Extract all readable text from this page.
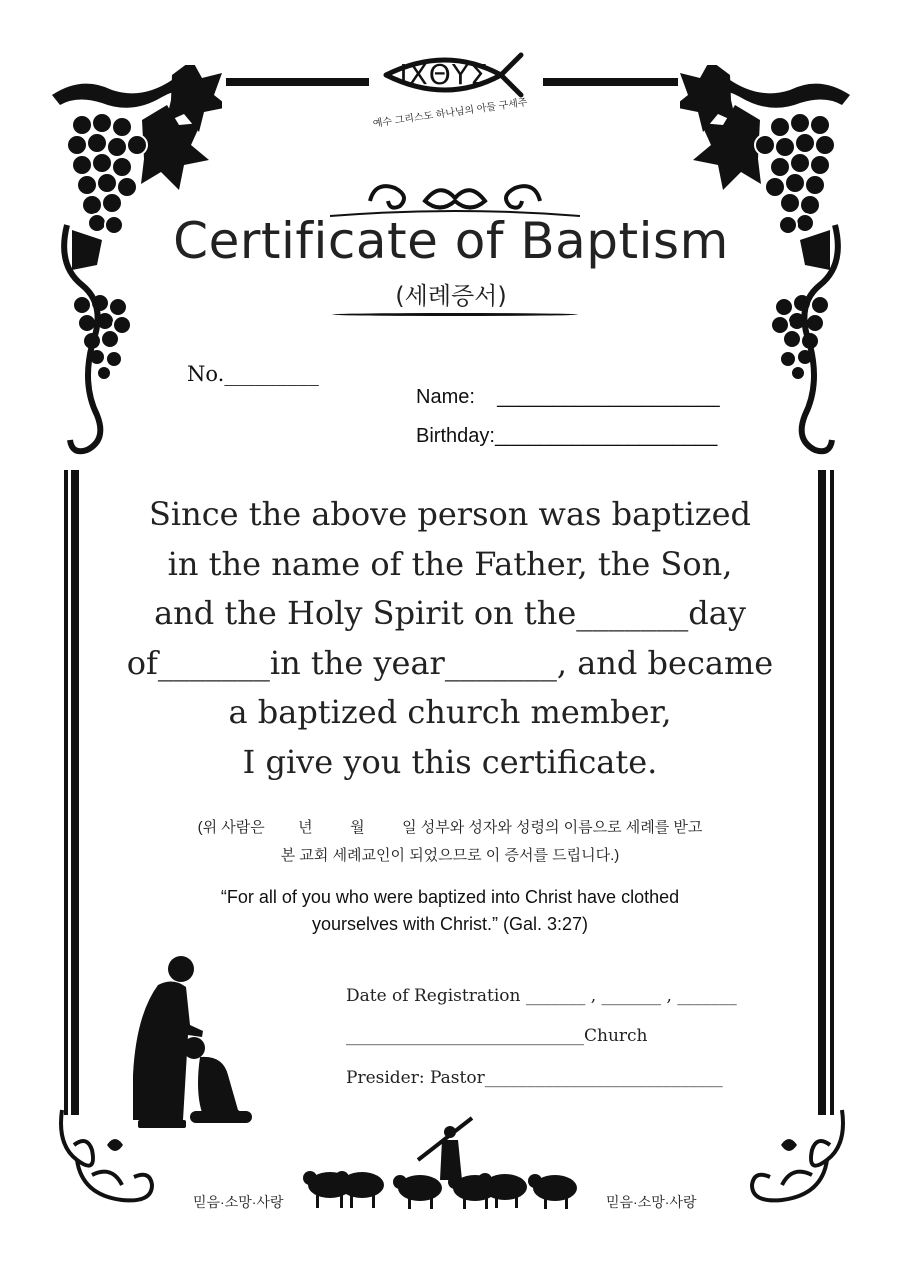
ΙΧΘΥΣ
예수 그리스도 하나님의 아들 구세주
Certificate of Baptism
(세례증서)
No._________
Name:    ____________________
Birthday:____________________
Since the above person was baptized
in the name of the Father, the Son,
and the Holy Spirit on the_______day
of_______in the year_______, and became
a baptized church member,
I give you this certificate.
(위 사람은        년         월         일 성부와 성자와 성령의 이름으로 세례를 받고
본 교회 세례교인이 되었으므로 이 증서를 드립니다.)
“For all of you who were baptized into Christ have clothed
yourselves with Christ.” (Gal. 3:27)
Date of Registration _______ , _______ , _______
____________________________Church
Presider: Pastor____________________________
믿음·소망·사랑	믿음·소망·사랑
